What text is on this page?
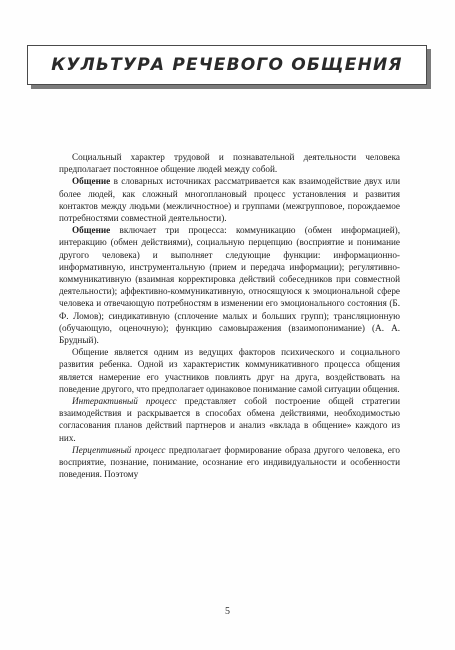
КУЛЬТУРА РЕЧЕВОГО ОБЩЕНИЯ

Социальный характер трудовой и познавательной деятельности человека предполагает постоянное общение людей между собой.

Общение в словарных источниках рассматривается как взаимодействие двух или более людей, как сложный многоплановый процесс установления и развития контактов между людьми (межличностное) и группами (межгрупповое, порождаемое потребностями совместной деятельности).

Общение включает три процесса: коммуникацию (обмен информацией), интеракцию (обмен действиями), социальную перцепцию (восприятие и понимание другого человека) и выполняет следующие функции: информационно-информативную, инструментальную (прием и передача информации); регулятивно-коммуникативную (взаимная корректировка действий собеседников при совместной деятельности); аффективно-коммуникативную, относящуюся к эмоциональной сфере человека и отвечающую потребностям в изменении его эмоционального состояния (Б. Ф. Ломов); синдикативную (сплочение малых и больших групп); трансляционную (обучающую, оценочную); функцию самовыражения (взаимопонимание) (А. А. Брудный).

Общение является одним из ведущих факторов психического и социального развития ребенка. Одной из характеристик коммуникативного процесса общения является намерение его участников повлиять друг на друга, воздействовать на поведение другого, что предполагает одинаковое понимание самой ситуации общения.

Интерактивный процесс представляет собой построение общей стратегии взаимодействия и раскрывается в способах обмена действиями, необходимостью согласования планов действий партнеров и анализ «вклада в общение» каждого из них.

Перцептивный процесс предполагает формирование образа другого человека, его восприятие, познание, понимание, осознание его индивидуальности и особенности поведения. Поэтому

5
